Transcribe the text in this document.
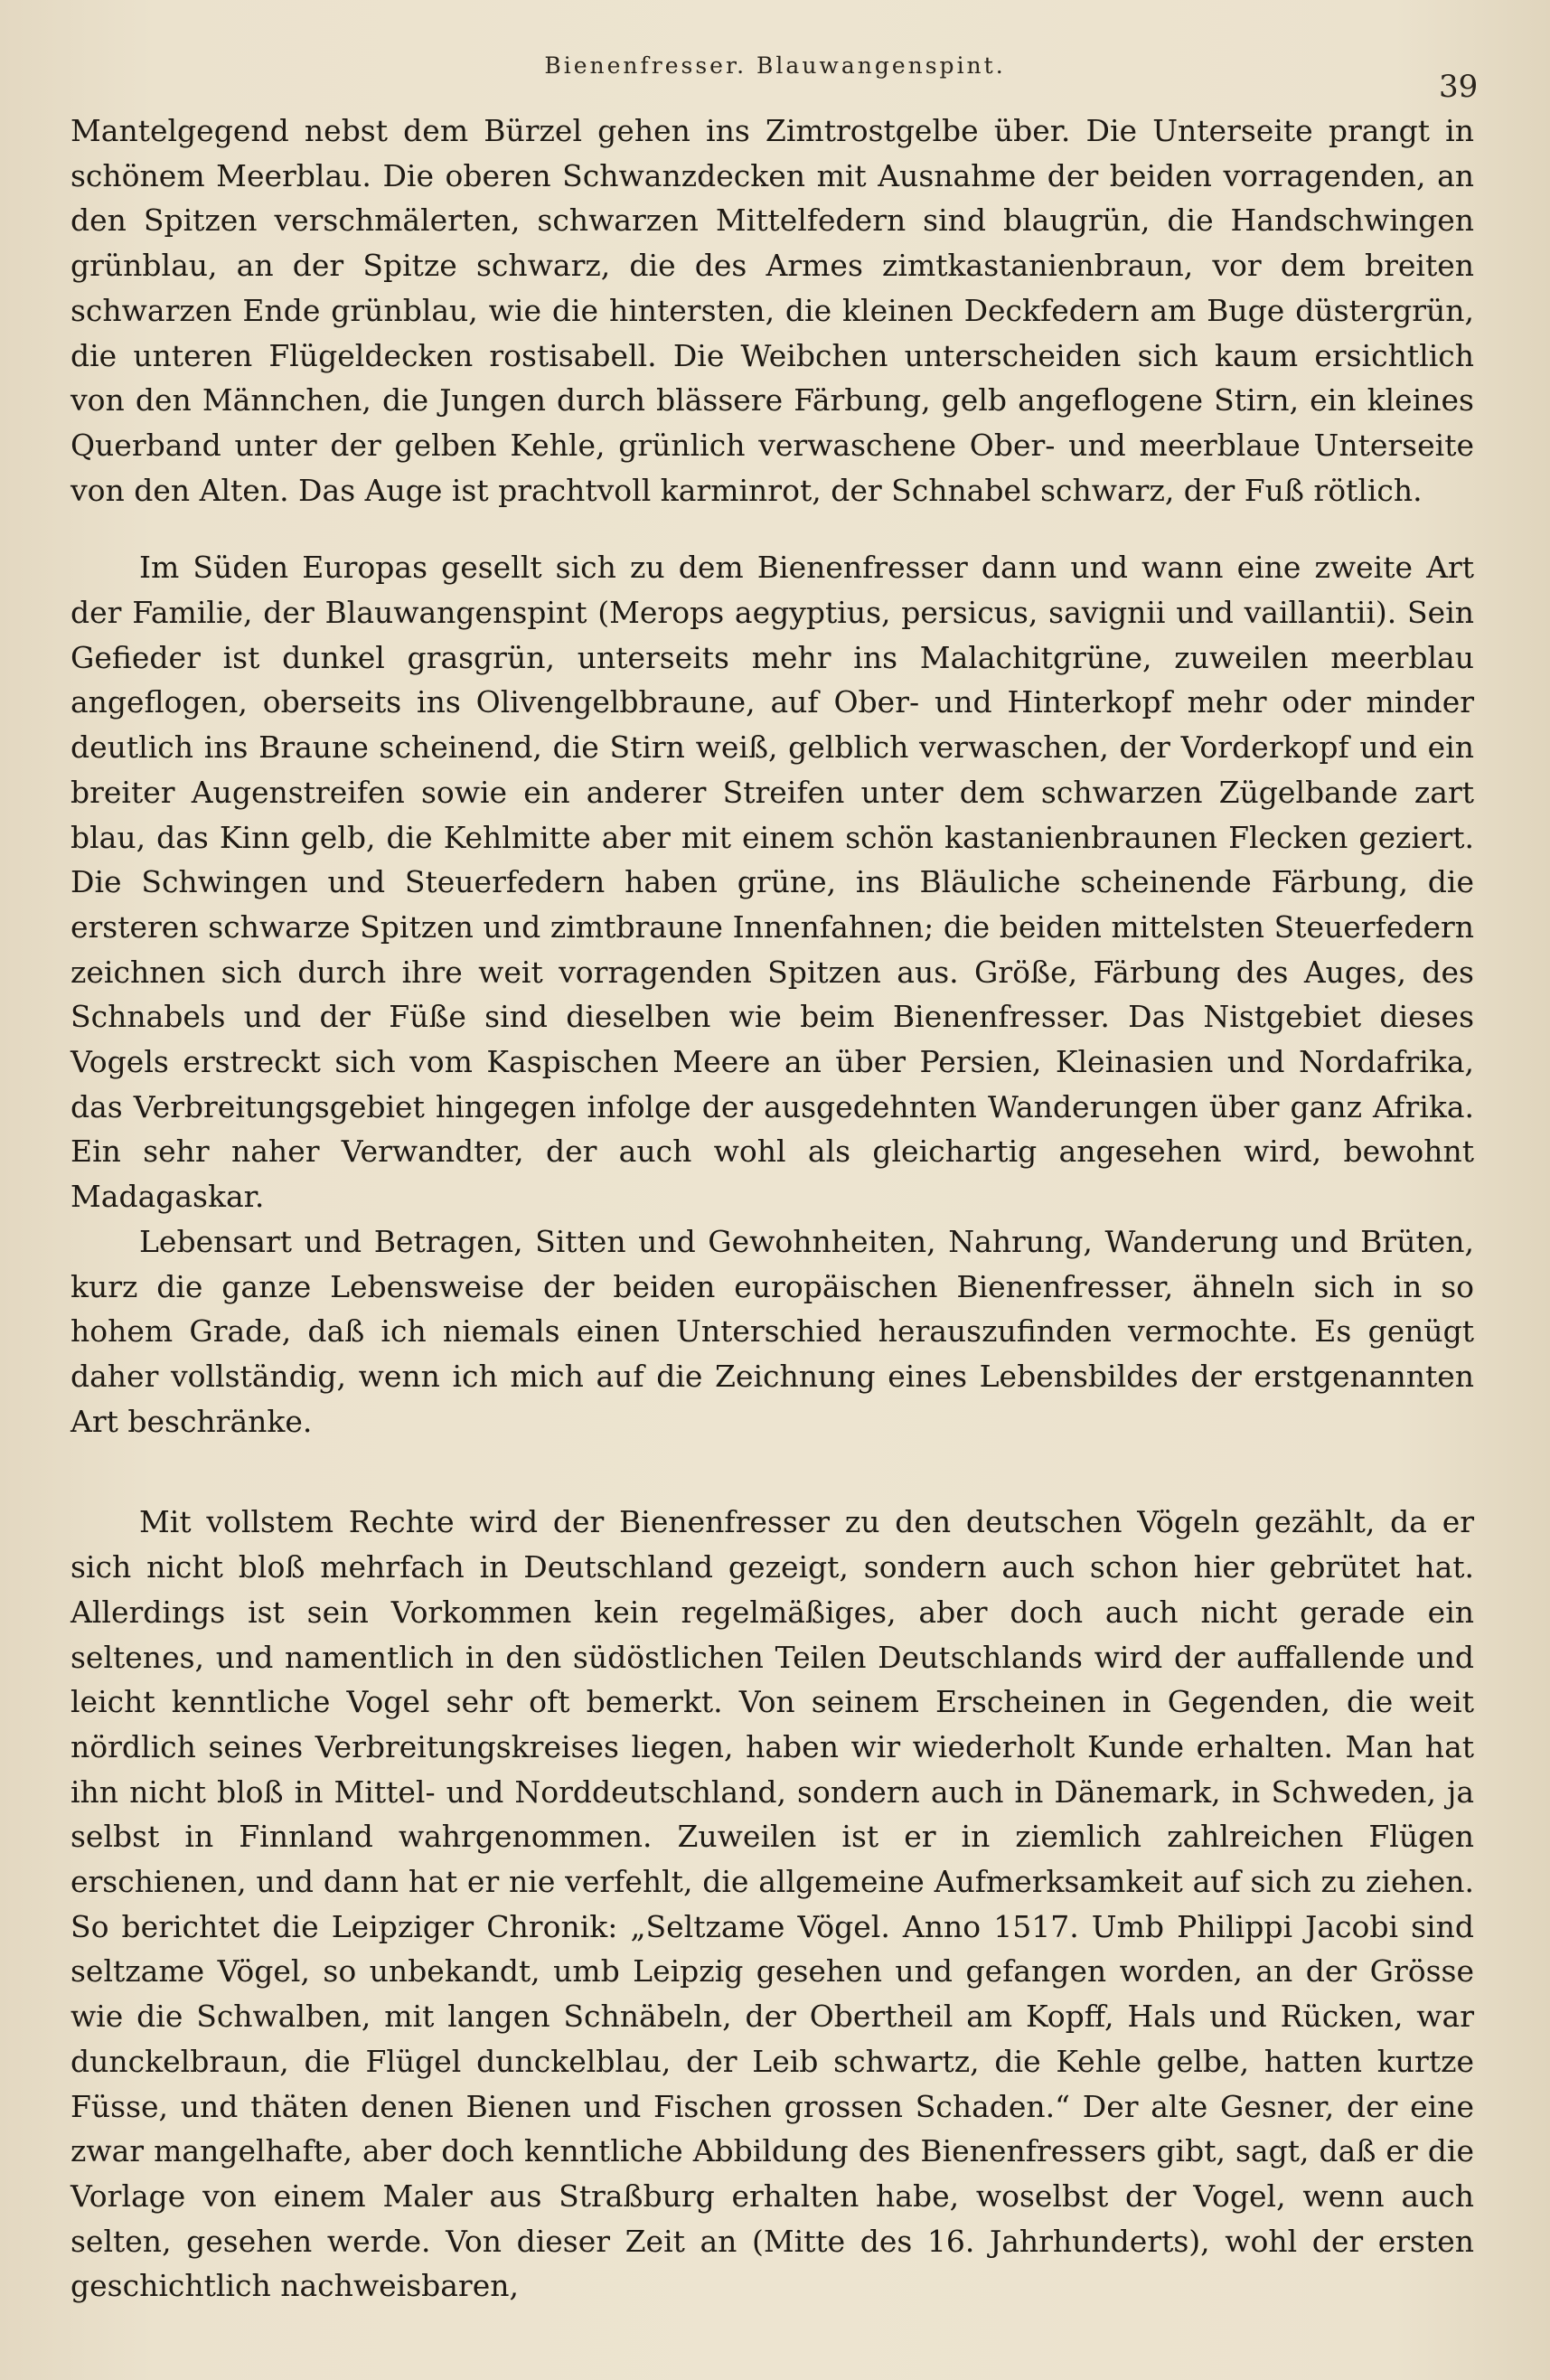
Bienenfresser. Blauwangenspint.
39

Mantelgegend nebst dem Bürzel gehen ins Zimtrostgelbe über. Die Unterseite prangt in schönem Meerblau. Die oberen Schwanzdecken mit Ausnahme der beiden vorragenden, an den Spitzen verschmälerten, schwarzen Mittelfedern sind blaugrün, die Handschwingen grünblau, an der Spitze schwarz, die des Armes zimtkastanienbraun, vor dem breiten schwarzen Ende grünblau, wie die hintersten, die kleinen Deckfedern am Buge düstergrün, die unteren Flügeldecken rostisabell. Die Weibchen unterscheiden sich kaum ersichtlich von den Männchen, die Jungen durch blässere Färbung, gelb angeflogene Stirn, ein kleines Querband unter der gelben Kehle, grünlich verwaschene Ober- und meerblaue Unterseite von den Alten. Das Auge ist prachtvoll karminrot, der Schnabel schwarz, der Fuß rötlich.

Im Süden Europas gesellt sich zu dem Bienenfresser dann und wann eine zweite Art der Familie, der Blauwangenspint (Merops aegyptius, persicus, savignii und vaillantii). Sein Gefieder ist dunkel grasgrün, unterseits mehr ins Malachitgrüne, zuweilen meerblau angeflogen, oberseits ins Olivengelbbraune, auf Ober- und Hinterkopf mehr oder minder deutlich ins Braune scheinend, die Stirn weiß, gelblich verwaschen, der Vorderkopf und ein breiter Augenstreifen sowie ein anderer Streifen unter dem schwarzen Zügelbande zart blau, das Kinn gelb, die Kehlmitte aber mit einem schön kastanienbraunen Flecken geziert. Die Schwingen und Steuerfedern haben grüne, ins Bläuliche scheinende Färbung, die ersteren schwarze Spitzen und zimtbraune Innenfahnen; die beiden mittelsten Steuerfedern zeichnen sich durch ihre weit vorragenden Spitzen aus. Größe, Färbung des Auges, des Schnabels und der Füße sind dieselben wie beim Bienenfresser. Das Nistgebiet dieses Vogels erstreckt sich vom Kaspischen Meere an über Persien, Kleinasien und Nordafrika, das Verbreitungsgebiet hingegen infolge der ausgedehnten Wanderungen über ganz Afrika. Ein sehr naher Verwandter, der auch wohl als gleichartig angesehen wird, bewohnt Madagaskar.

Lebensart und Betragen, Sitten und Gewohnheiten, Nahrung, Wanderung und Brüten, kurz die ganze Lebensweise der beiden europäischen Bienenfresser, ähneln sich in so hohem Grade, daß ich niemals einen Unterschied herauszufinden vermochte. Es genügt daher vollständig, wenn ich mich auf die Zeichnung eines Lebensbildes der erstgenannten Art beschränke.

Mit vollstem Rechte wird der Bienenfresser zu den deutschen Vögeln gezählt, da er sich nicht bloß mehrfach in Deutschland gezeigt, sondern auch schon hier gebrütet hat. Allerdings ist sein Vorkommen kein regelmäßiges, aber doch auch nicht gerade ein seltenes, und namentlich in den südöstlichen Teilen Deutschlands wird der auffallende und leicht kenntliche Vogel sehr oft bemerkt. Von seinem Erscheinen in Gegenden, die weit nördlich seines Verbreitungskreises liegen, haben wir wiederholt Kunde erhalten. Man hat ihn nicht bloß in Mittel- und Norddeutschland, sondern auch in Dänemark, in Schweden, ja selbst in Finnland wahrgenommen. Zuweilen ist er in ziemlich zahlreichen Flügen erschienen, und dann hat er nie verfehlt, die allgemeine Aufmerksamkeit auf sich zu ziehen. So berichtet die Leipziger Chronik: „Seltzame Vögel. Anno 1517. Umb Philippi Jacobi sind seltzame Vögel, so unbekandt, umb Leipzig gesehen und gefangen worden, an der Grösse wie die Schwalben, mit langen Schnäbeln, der Obertheil am Kopff, Hals und Rücken, war dunckelbraun, die Flügel dunckelblau, der Leib schwartz, die Kehle gelbe, hatten kurtze Füsse, und thäten denen Bienen und Fischen grossen Schaden.“ Der alte Gesner, der eine zwar mangelhafte, aber doch kenntliche Abbildung des Bienenfressers gibt, sagt, daß er die Vorlage von einem Maler aus Straßburg erhalten habe, woselbst der Vogel, wenn auch selten, gesehen werde. Von dieser Zeit an (Mitte des 16. Jahrhunderts), wohl der ersten geschichtlich nachweisbaren,
